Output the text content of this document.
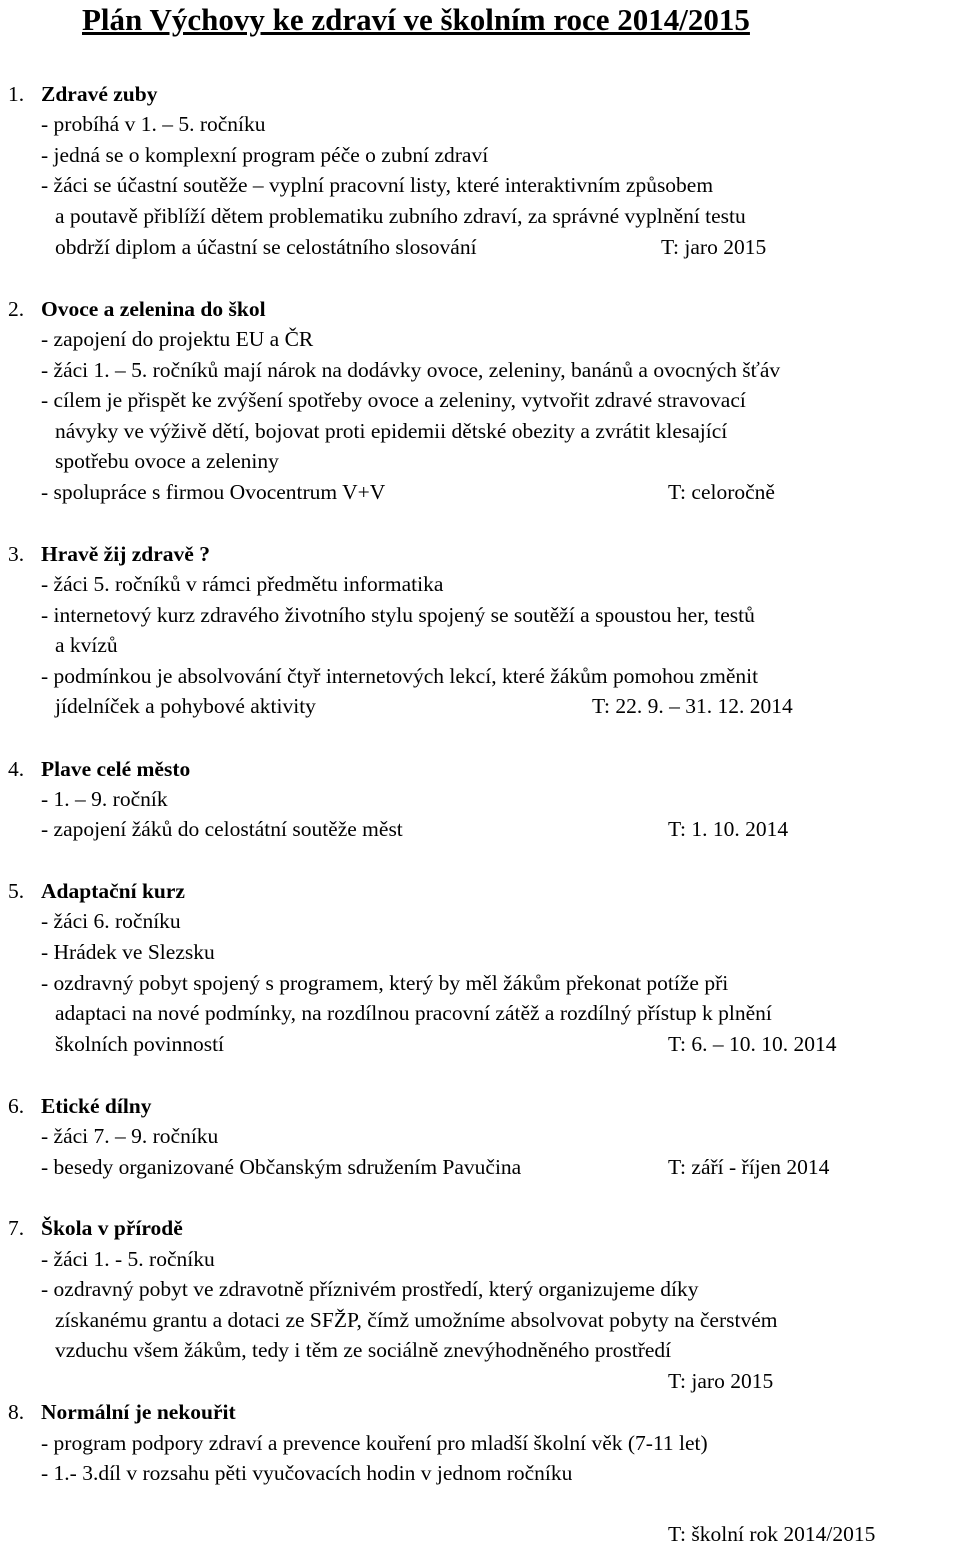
Plán Výchovy ke zdraví ve školním roce 2014/2015
1. Zdravé zuby
- probíhá v 1. – 5. ročníku
- jedná se o komplexní program péče o zubní zdraví
- žáci se účastní soutěže – vyplní pracovní listy, které interaktivním způsobem
a poutavě přiblíží dětem problematiku zubního zdraví, za správné vyplnění testu
obdrží diplom a účastní se celostátního slosování	T: jaro 2015
2. Ovoce a zelenina do škol
- zapojení do projektu EU a ČR
- žáci 1. – 5. ročníků mají nárok na dodávky ovoce, zeleniny, banánů a ovocných šťáv
- cílem je přispět ke zvýšení spotřeby ovoce a zeleniny, vytvořit zdravé stravovací
návyky ve výživě dětí, bojovat proti epidemii dětské obezity a zvrátit klesající
spotřebu ovoce a zeleniny
- spolupráce s firmou Ovocentrum V+V	T: celoročně
3. Hravě žij zdravě ?
- žáci 5. ročníků v rámci předmětu informatika
- internetový kurz zdravého životního stylu spojený se soutěží a spoustou her, testů
a kvízů
- podmínkou je absolvování čtyř internetových lekcí, které žákům pomohou změnit
jídelníček a pohybové aktivity	T: 22. 9. – 31. 12. 2014
4. Plave celé město
- 1. – 9. ročník
- zapojení žáků do celostátní soutěže měst	T: 1. 10. 2014
5. Adaptační kurz
- žáci 6. ročníku
- Hrádek ve Slezsku
- ozdravný pobyt spojený s programem, který by měl žákům překonat potíže při
adaptaci na nové podmínky, na rozdílnou pracovní zátěž a rozdílný přístup k plnění
školních povinností	T: 6. – 10. 10. 2014
6. Etické dílny
- žáci 7. – 9. ročníku
- besedy organizované Občanským sdružením Pavučina	T: září - říjen 2014
7. Škola v přírodě
- žáci 1. - 5. ročníku
- ozdravný pobyt ve zdravotně příznivém prostředí, který organizujeme díky
získanému grantu a dotaci ze SFŽP, čímž umožníme absolvovat pobyty na čerstvém
vzduchu všem žákům, tedy i těm ze sociálně znevýhodněného prostředí
T: jaro 2015
8. Normální je nekouřit
- program podpory zdraví a prevence kouření pro mladší školní věk (7-11 let)
- 1.- 3.díl v rozsahu pěti vyučovacích hodin v jednom ročníku
T: školní rok 2014/2015
